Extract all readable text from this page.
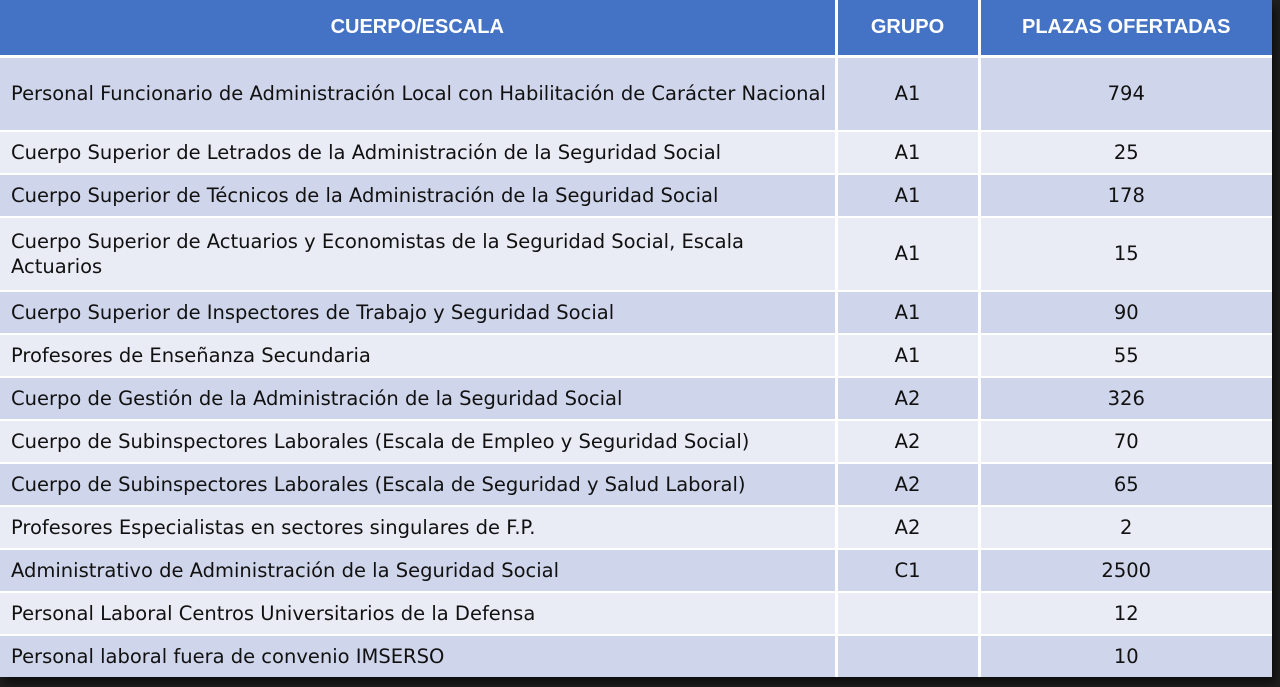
CUERPO/ESCALA	GRUPO	PLAZAS OFERTADAS
Personal Funcionario de Administración Local con Habilitación de Carácter Nacional	A1	794
Cuerpo Superior de Letrados de la Administración de la Seguridad Social	A1	25
Cuerpo Superior de Técnicos de la Administración de la Seguridad Social	A1	178
Cuerpo Superior de Actuarios y Economistas de la Seguridad Social, Escala Actuarios	A1	15
Cuerpo Superior de Inspectores de Trabajo y Seguridad Social	A1	90
Profesores de Enseñanza Secundaria	A1	55
Cuerpo de Gestión de la Administración de la Seguridad Social	A2	326
Cuerpo de Subinspectores Laborales (Escala de Empleo y Seguridad Social)	A2	70
Cuerpo de Subinspectores Laborales (Escala de Seguridad y Salud Laboral)	A2	65
Profesores Especialistas en sectores singulares de F.P.	A2	2
Administrativo de Administración de la Seguridad Social	C1	2500
Personal Laboral Centros Universitarios de la Defensa		12
Personal laboral fuera de convenio IMSERSO		10
